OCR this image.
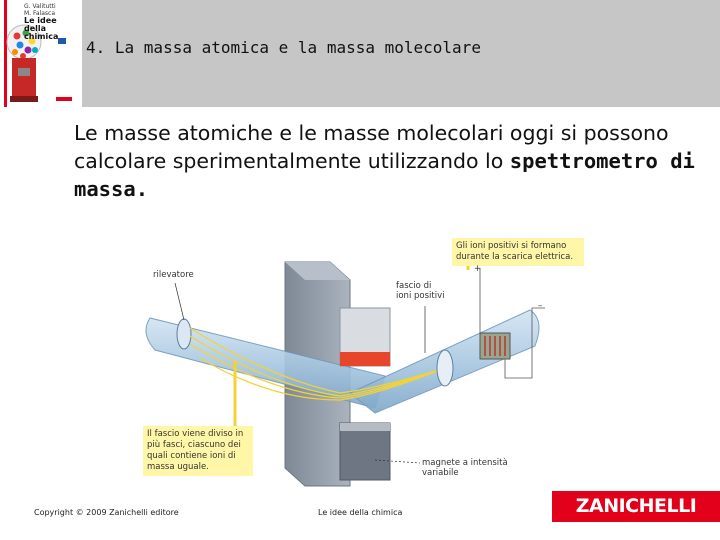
G. Valitutti
M. Falasca
Le idee della chimica
4. La massa atomica e la massa molecolare
Le masse atomiche e le masse molecolari oggi si possono calcolare sperimentalmente utilizzando lo spettrometro di massa.
rilevatore
fascio di
ioni positivi
Gli ioni positivi si formano durante la scarica elettrica.
+
–
Il fascio viene diviso in più fasci, ciascuno dei quali contiene ioni di massa uguale.	magnete a intensità
variabile
Copyright © 2009 Zanichelli editore	Le idee della chimica	ZANICHELLI
